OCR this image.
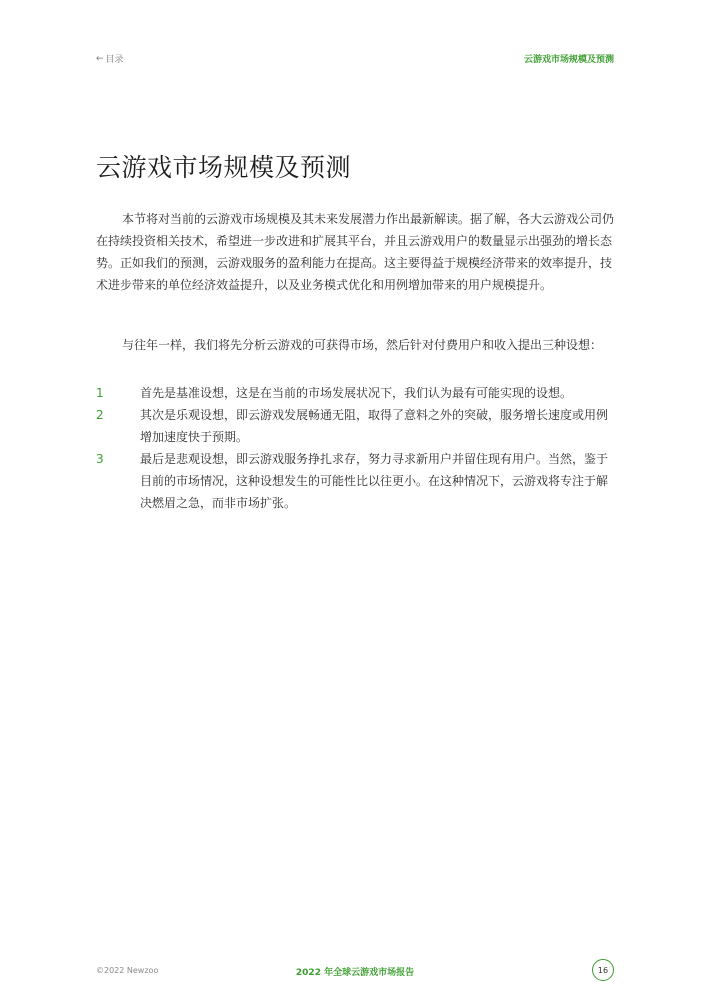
← 目录	云游戏市场规模及预测
云游戏市场规模及预测

本节将对当前的云游戏市场规模及其未来发展潜力作出最新解读。据了解，各大云游戏公司仍在持续投资相关技术，希望进一步改进和扩展其平台，并且云游戏用户的数量显示出强劲的增长态势。正如我们的预测，云游戏服务的盈利能力在提高。这主要得益于规模经济带来的效率提升，技术进步带来的单位经济效益提升，以及业务模式优化和用例增加带来的用户规模提升。

与往年一样，我们将先分析云游戏的可获得市场，然后针对付费用户和收入提出三种设想：

1	首先是基准设想，这是在当前的市场发展状况下，我们认为最有可能实现的设想。
2	其次是乐观设想，即云游戏发展畅通无阻，取得了意料之外的突破，服务增长速度或用例增加速度快于预期。
3	最后是悲观设想，即云游戏服务挣扎求存，努力寻求新用户并留住现有用户。当然，鉴于目前的市场情况，这种设想发生的可能性比以往更小。在这种情况下，云游戏将专注于解决燃眉之急，而非市场扩张。
©2022 Newzoo	2022 年全球云游戏市场报告	16
